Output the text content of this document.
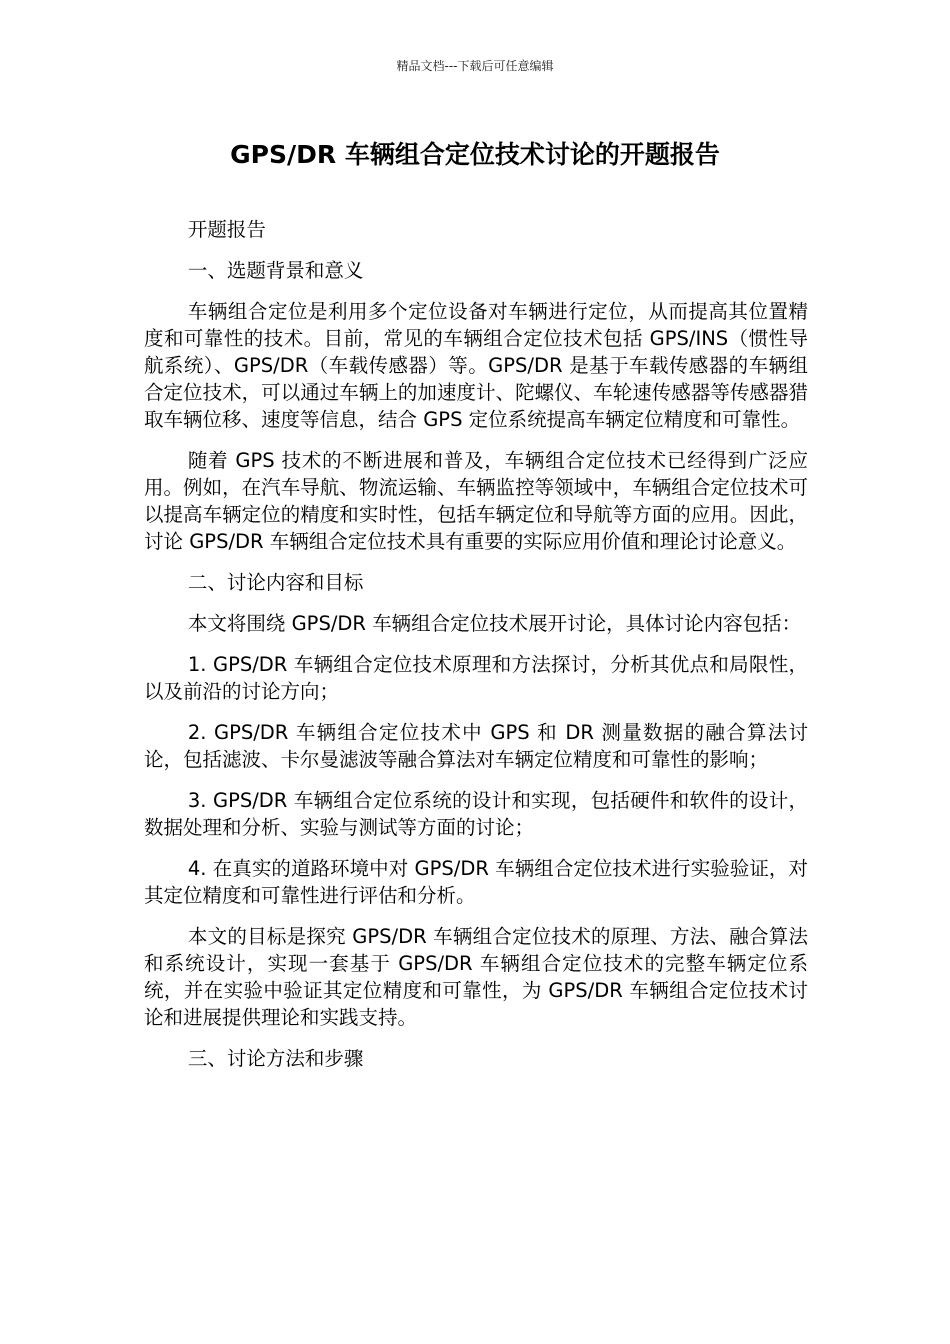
精品文档---下载后可任意编辑
GPS/DR 车辆组合定位技术讨论的开题报告

开题报告

一、选题背景和意义

车辆组合定位是利用多个定位设备对车辆进行定位，从而提高其位置精度和可靠性的技术。目前，常见的车辆组合定位技术包括 GPS/INS（惯性导航系统）、GPS/DR（车载传感器）等。GPS/DR 是基于车载传感器的车辆组合定位技术，可以通过车辆上的加速度计、陀螺仪、车轮速传感器等传感器猎取车辆位移、速度等信息，结合 GPS 定位系统提高车辆定位精度和可靠性。

随着 GPS 技术的不断进展和普及，车辆组合定位技术已经得到广泛应用。例如，在汽车导航、物流运输、车辆监控等领域中，车辆组合定位技术可以提高车辆定位的精度和实时性，包括车辆定位和导航等方面的应用。因此，讨论 GPS/DR 车辆组合定位技术具有重要的实际应用价值和理论讨论意义。

二、讨论内容和目标

本文将围绕 GPS/DR 车辆组合定位技术展开讨论，具体讨论内容包括：

1. GPS/DR 车辆组合定位技术原理和方法探讨，分析其优点和局限性，以及前沿的讨论方向；

2. GPS/DR 车辆组合定位技术中 GPS 和 DR 测量数据的融合算法讨论，包括滤波、卡尔曼滤波等融合算法对车辆定位精度和可靠性的影响；

3. GPS/DR 车辆组合定位系统的设计和实现，包括硬件和软件的设计，数据处理和分析、实验与测试等方面的讨论；

4. 在真实的道路环境中对 GPS/DR 车辆组合定位技术进行实验验证，对其定位精度和可靠性进行评估和分析。

本文的目标是探究 GPS/DR 车辆组合定位技术的原理、方法、融合算法和系统设计，实现一套基于 GPS/DR 车辆组合定位技术的完整车辆定位系统，并在实验中验证其定位精度和可靠性，为 GPS/DR 车辆组合定位技术讨论和进展提供理论和实践支持。

三、讨论方法和步骤
